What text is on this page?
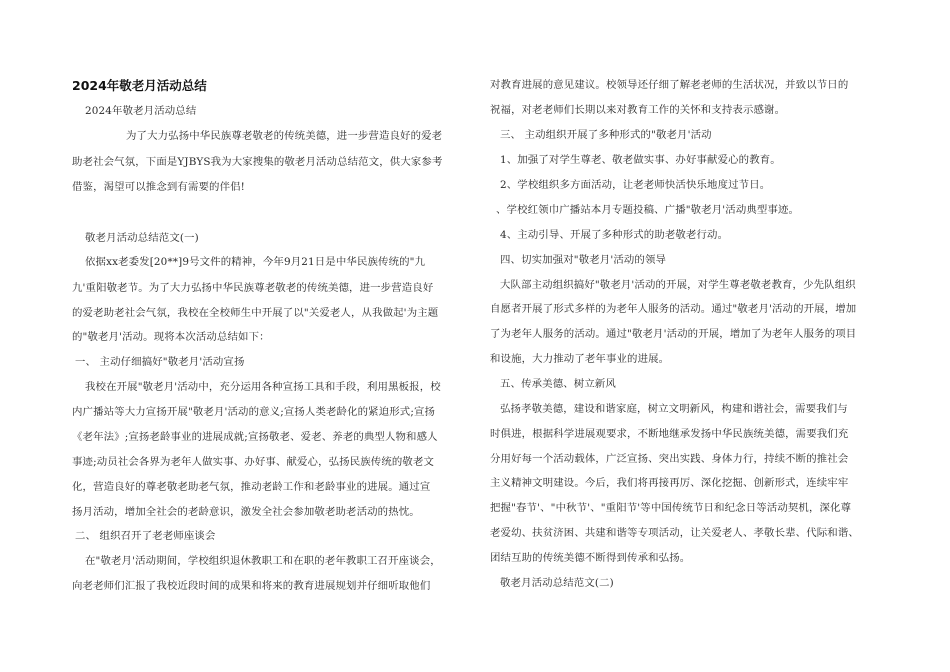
2024年敬老月活动总结
2024年敬老月活动总结
为了大力弘扬中华民族尊老敬老的传统美德，进一步营造良好的爱老
助老社会气氛，下面是YJBYS我为大家搜集的敬老月活动总结范文，供大家参考
借鉴，渴望可以推念到有需要的伴侣!
敬老月活动总结范文(一)
依据xx老委发[20**]9号文件的精神，今年9月21日是中华民族传统的"九
九'重阳敬老节。为了大力弘扬中华民族尊老敬老的传统美德，进一步营造良好
的爱老助老社会气氛，我校在全校师生中开展了以"关爱老人，从我做起'为主题
的"敬老月'活动。现将本次活动总结如下：
一、 主动仔细搞好"敬老月'活动宣扬
我校在开展"敬老月'活动中，充分运用各种宣扬工具和手段，利用黑板报，校
内广播站等大力宣扬开展"敬老月'活动的意义;宣扬人类老龄化的紧迫形式;宣扬
《老年法》;宣扬老龄事业的进展成就;宣扬敬老、爱老、养老的典型人物和感人
事迹;动员社会各界为老年人做实事、办好事、献爱心，弘扬民族传统的敬老文
化，营造良好的尊老敬老助老气氛，推动老龄工作和老龄事业的进展。通过宣
扬月活动，增加全社会的老龄意识，激发全社会参加敬老助老活动的热忱。
二、 组织召开了老老师座谈会
在"敬老月'活动期间，学校组织退休教职工和在职的老年教职工召开座谈会，
向老老师们汇报了我校近段时间的成果和将来的教育进展规划并仔细听取他们
对教育进展的意见建议。校领导还仔细了解老老师的生活状况，并致以节日的
祝福，对老老师们长期以来对教育工作的关怀和支持表示感谢。
三、 主动组织开展了多种形式的"敬老月'活动
1、加强了对学生尊老、敬老做实事、办好事献爱心的教育。
2、学校组织多方面活动，让老老师快活快乐地度过节日。
、学校红领巾广播站本月专题投稿、广播"敬老月'活动典型事迹。
4、主动引导、开展了多种形式的助老敬老行动。
四、切实加强对"敬老月'活动的领导
大队部主动组织搞好"敬老月'活动的开展，对学生尊老敬老教育，少先队组织
自愿者开展了形式多样的为老年人服务的活动。通过"敬老月'活动的开展，增加
了为老年人服务的活动。通过"敬老月'活动的开展，增加了为老年人服务的项目
和设施，大力推动了老年事业的进展。
五、传承美德、树立新风
弘扬孝敬美德，建设和谐家庭，树立文明新风，构建和谐社会，需要我们与
时俱进，根据科学进展观要求，不断地继承发扬中华民族统美德，需要我们充
分用好每一个活动载体，广泛宣扬、突出实践、身体力行，持续不断的推社会
主义精神文明建设。今后，我们将再接再厉、深化挖掘、创新形式，连续牢牢
把握"春节'、"中秋节'、"重阳节'等中国传统节日和纪念日等活动契机，深化尊
老爱幼、扶贫济困、共建和谐等专项活动，让关爱老人、孝敬长辈、代际和谐、
团结互助的传统美德不断得到传承和弘扬。
敬老月活动总结范文(二)
